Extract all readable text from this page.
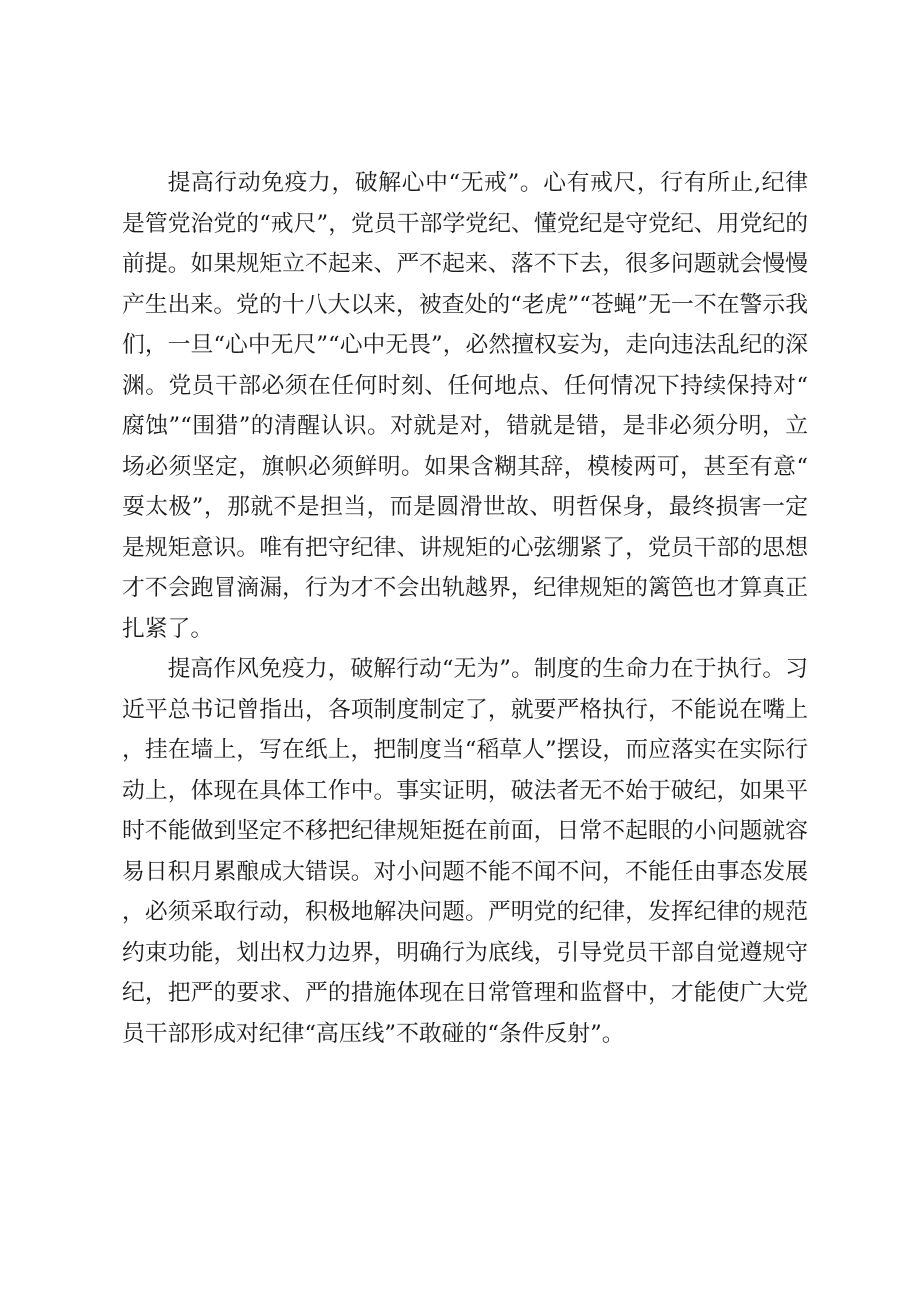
提高行动免疫力，破解心中“无戒”。心有戒尺，行有所止,纪律是管党治党的“戒尺”，党员干部学党纪、懂党纪是守党纪、用党纪的前提。如果规矩立不起来、严不起来、落不下去，很多问题就会慢慢产生出来。党的十八大以来，被查处的“老虎”“苍蝇”无一不在警示我们，一旦“心中无尺”“心中无畏”，必然擅权妄为，走向违法乱纪的深渊。党员干部必须在任何时刻、任何地点、任何情况下持续保持对“腐蚀”“围猎”的清醒认识。对就是对，错就是错，是非必须分明，立场必须坚定，旗帜必须鲜明。如果含糊其辞，模棱两可，甚至有意“耍太极”，那就不是担当，而是圆滑世故、明哲保身，最终损害一定是规矩意识。唯有把守纪律、讲规矩的心弦绷紧了，党员干部的思想才不会跑冒滴漏，行为才不会出轨越界，纪律规矩的篱笆也才算真正扎紧了。

提高作风免疫力，破解行动“无为”。制度的生命力在于执行。习近平总书记曾指出，各项制度制定了，就要严格执行，不能说在嘴上，挂在墙上，写在纸上，把制度当“稻草人”摆设，而应落实在实际行动上，体现在具体工作中。事实证明，破法者无不始于破纪，如果平时不能做到坚定不移把纪律规矩挺在前面，日常不起眼的小问题就容易日积月累酿成大错误。对小问题不能不闻不问，不能任由事态发展，必须采取行动，积极地解决问题。严明党的纪律，发挥纪律的规范约束功能，划出权力边界，明确行为底线，引导党员干部自觉遵规守纪，把严的要求、严的措施体现在日常管理和监督中，才能使广大党员干部形成对纪律“高压线”不敢碰的“条件反射”。
